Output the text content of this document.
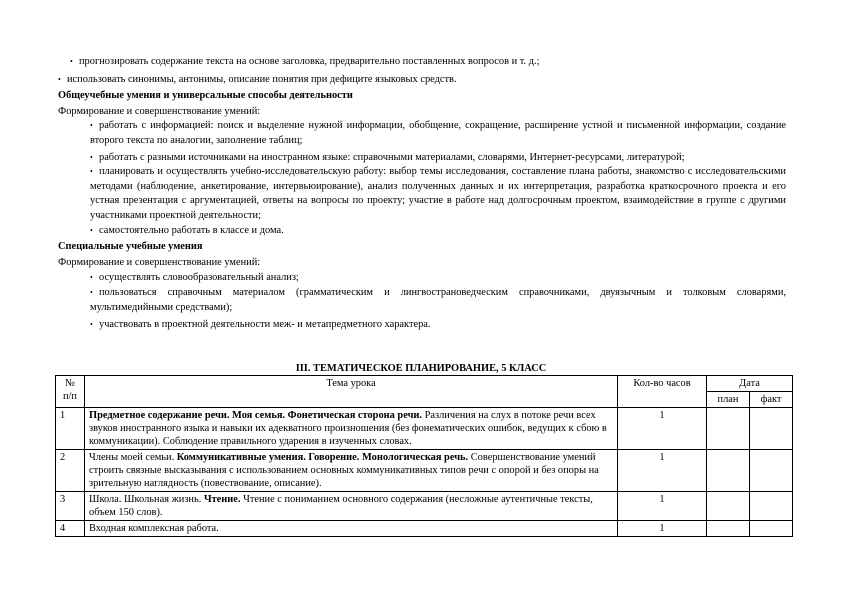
• прогнозировать содержание текста на основе заголовка, предварительно поставленных вопросов и т. д.;
• использовать синонимы, антонимы, описание понятия при дефиците языковых средств.
Общеучебные умения и универсальные способы деятельности
Формирование и совершенствование умений:
• работать с информацией: поиск и выделение нужной информации, обобщение, сокращение, расширение устной и письменной информации, создание второго текста по аналогии, заполнение таблиц;
• работать с разными источниками на иностранном языке: справочными материалами, словарями, Интернет-ресурсами, литературой;
• планировать и осуществлять учебно-исследовательскую работу: выбор темы исследования, составление плана работы, знакомство с исследовательскими методами (наблюдение, анкетирование, интервьюирование), анализ полученных данных и их интерпретация, разработка краткосрочного проекта и его устная презентация с аргументацией, ответы на вопросы по проекту; участие в работе над долгосрочным проектом, взаимодействие в группе с другими участниками проектной деятельности;
• самостоятельно работать в классе и дома.
Специальные учебные умения
Формирование и совершенствование умений:
• осуществлять словообразовательный анализ;
• пользоваться справочным материалом (грамматическим и лингвострановедческим справочниками, двуязычным и толковым словарями, мультимедийными средствами);
• участвовать в проектной деятельности меж- и метапредметного характера.
III. ТЕМАТИЧЕСКОЕ ПЛАНИРОВАНИЕ, 5 КЛАСС
№ п/п	Тема урока	Кол-во часов	Дата	
			план	факт
1	Предметное содержание речи. Моя семья. Фонетическая сторона речи. Различения на слух в потоке речи всех звуков иностранного языка и навыки их адекватного произношения (без фонематических ошибок, ведущих к сбою в коммуникации). Соблюдение правильного ударения в изученных словах.	1		
2	Члены моей семьи. Коммуникативные умения. Говорение. Монологическая речь. Совершенствование умений строить связные высказывания с использованием основных коммуникативных типов речи с опорой и без опоры на зрительную наглядность (повествование, описание).	1		
3	Школа. Школьная жизнь. Чтение. Чтение с пониманием основного содержания (несложные аутентичные тексты, объем 150 слов).	1		
4	Входная комплексная работа.	1		
